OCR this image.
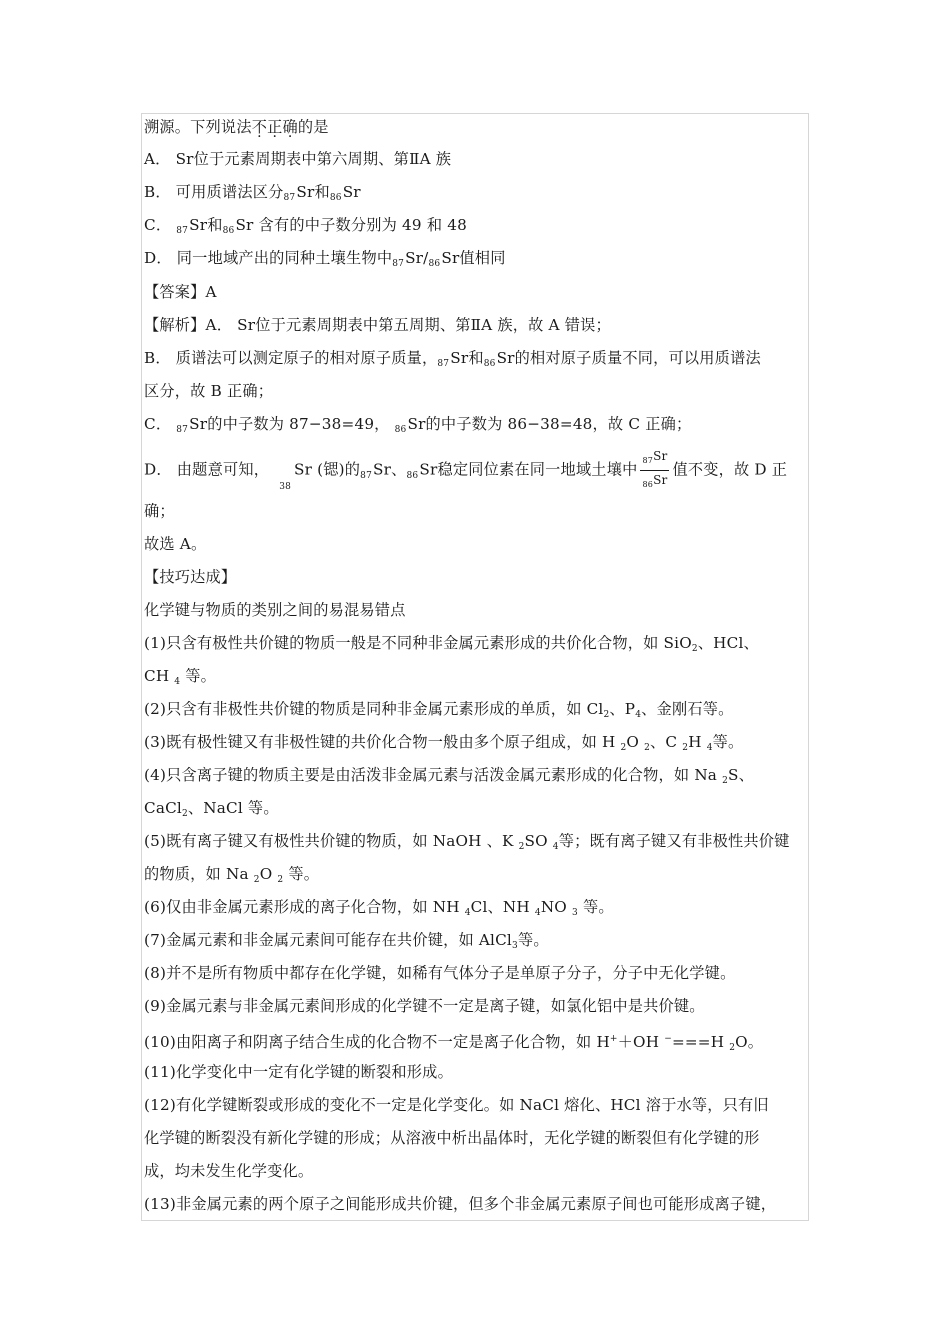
溯源。下列说法不正确的是
A． Sr位于元素周期表中第六周期、第ⅡA 族
B． 可用质谱法区分87Sr和86Sr
C． 87Sr和86Sr 含有的中子数分别为 49 和 48
D． 同一地域产出的同种土壤生物中87Sr/86Sr值相同
【答案】A
【解析】A． Sr位于元素周期表中第五周期、第ⅡA 族，故 A 错误；
B． 质谱法可以测定原子的相对原子质量，87Sr和86Sr的相对原子质量不同，可以用质谱法
区分，故 B 正确；
C． 87Sr的中子数为 87−38=49， 86Sr的中子数为 86−38=48，故 C 正确；
D． 由题意可知，  $_{38}$Sr (锶)的87Sr、86Sr稳定同位素在同一地域土壤中 $\frac{_{87}Sr}{_{86}Sr}$ 值不变，故 D 正
确；
故选 A。
【技巧达成】
化学键与物质的类别之间的易混易错点
(1)只含有极性共价键的物质一般是不同种非金属元素形成的共价化合物，如 SiO$_2$、HCl、
CH $_4$ 等。
(2)只含有非极性共价键的物质是同种非金属元素形成的单质，如 $Cl_2$、$P_4$、金刚石等。
(3)既有极性键又有非极性键的共价化合物一般由多个原子组成，如 H $_2$O $_2$、C $_2$H $_4$等。
(4)只含离子键的物质主要是由活泼非金属元素与活泼金属元素形成的化合物，如 Na $_2$S、
CaCl$_2$、NaCl 等。
(5)既有离子键又有极性共价键的物质，如 NaOH 、K $_2$SO $_4$等；既有离子键又有非极性共价键
的物质，如 Na $_2$O $_2$ 等。
(6)仅由非金属元素形成的离子化合物，如 NH $_4$Cl、NH $_4$NO $_3$ 等。
(7)金属元素和非金属元素间可能存在共价键，如 AlCl$_3$等。
(8)并不是所有物质中都存在化学键，如稀有气体分子是单原子分子，分子中无化学键。
(9)金属元素与非金属元素间形成的化学键不一定是离子键，如氯化铝中是共价键。
(10)由阳离子和阴离子结合生成的化合物不一定是离子化合物，如 H+＋OH −===H $_2$O。
(11)化学变化中一定有化学键的断裂和形成。
(12)有化学键断裂或形成的变化不一定是化学变化。如 NaCl 熔化、HCl 溶于水等，只有旧
化学键的断裂没有新化学键的形成；从溶液中析出晶体时，无化学键的断裂但有化学键的形
成，均未发生化学变化。
(13)非金属元素的两个原子之间能形成共价键，但多个非金属元素原子间也可能形成离子键，
